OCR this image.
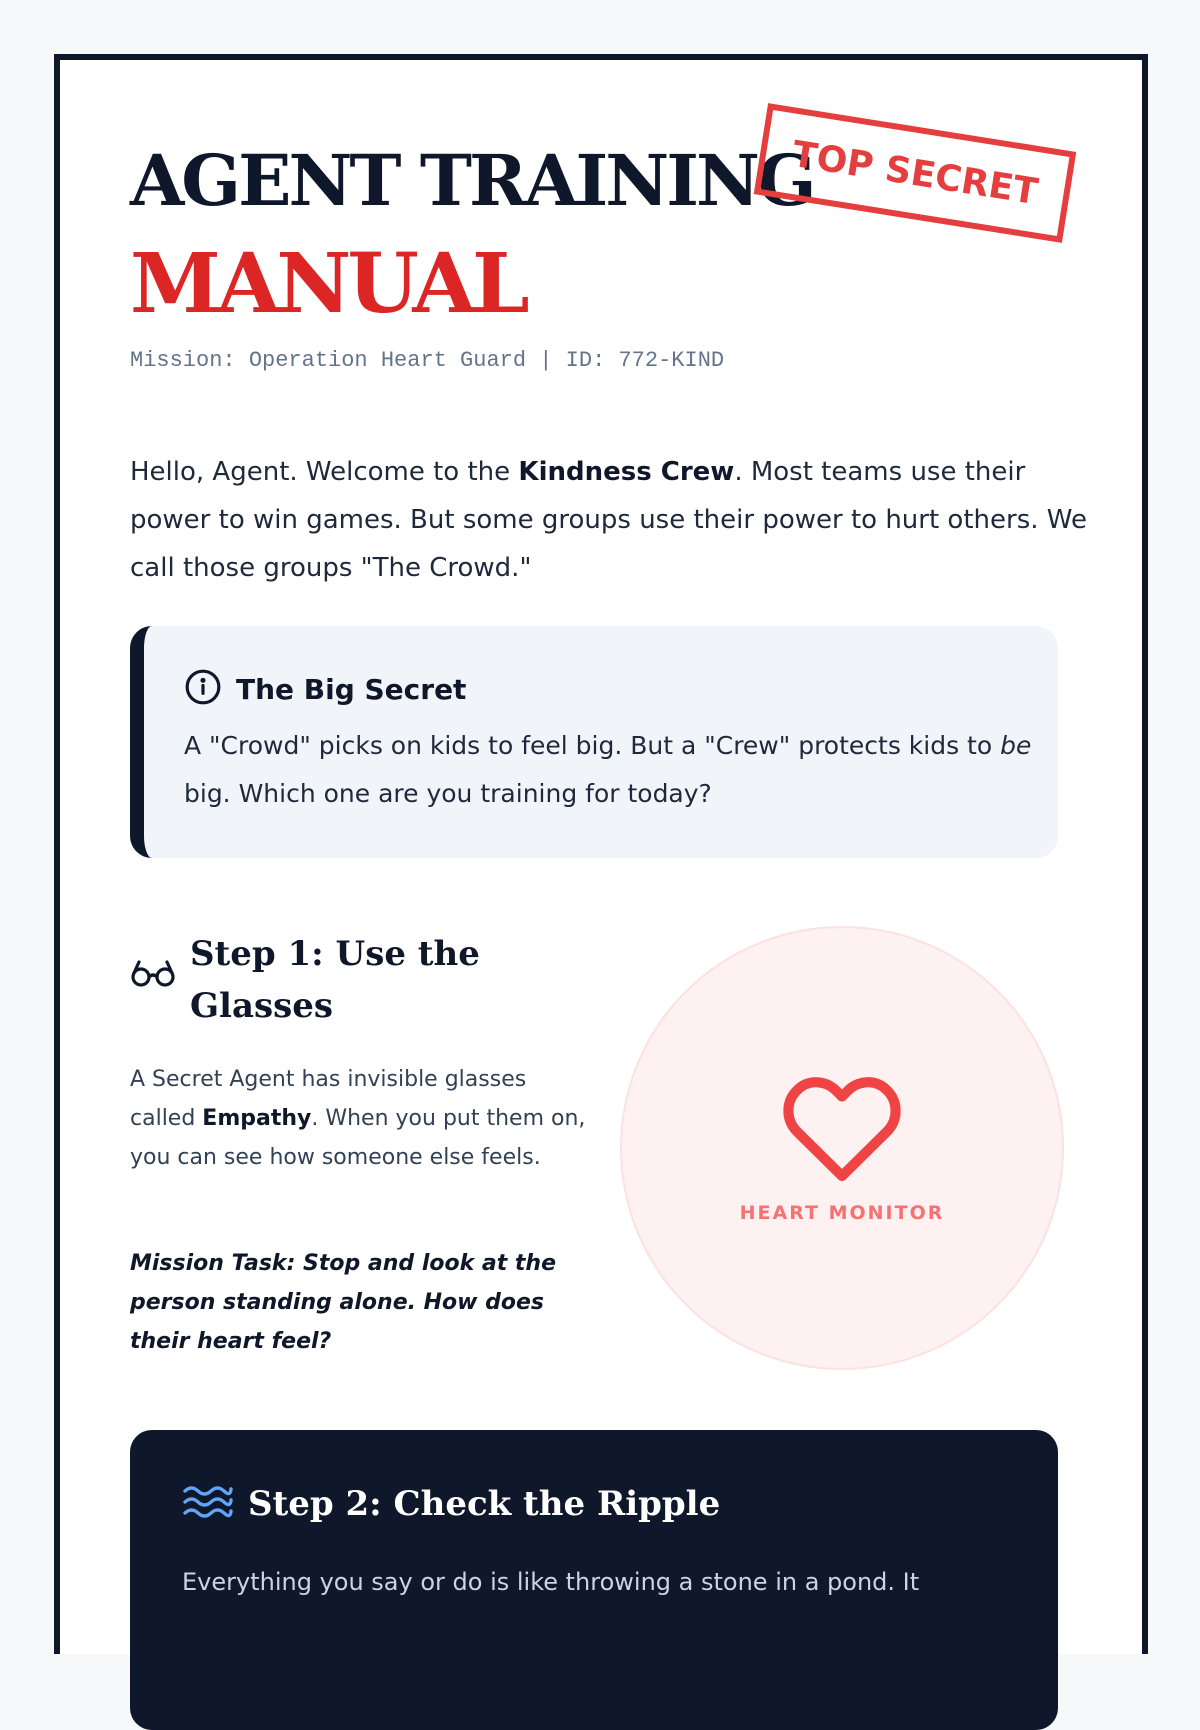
AGENT TRAINING
MANUAL
TOP SECRET
Mission: Operation Heart Guard | ID: 772-KIND

Hello, Agent. Welcome to the Kindness Crew. Most teams use their power to win games. But some groups use their power to hurt others. We call those groups "The Crowd."

The Big Secret

A "Crowd" picks on kids to feel big. But a "Crew" protects kids to be big. Which one are you training for today?

Step 1: Use the Glasses

A Secret Agent has invisible glasses called Empathy. When you put them on, you can see how someone else feels.

Mission Task: Stop and look at the person standing alone. How does their heart feel?

HEART MONITOR
Step 2: Check the Ripple
Everything you say or do is like throwing a stone in a pond. It
